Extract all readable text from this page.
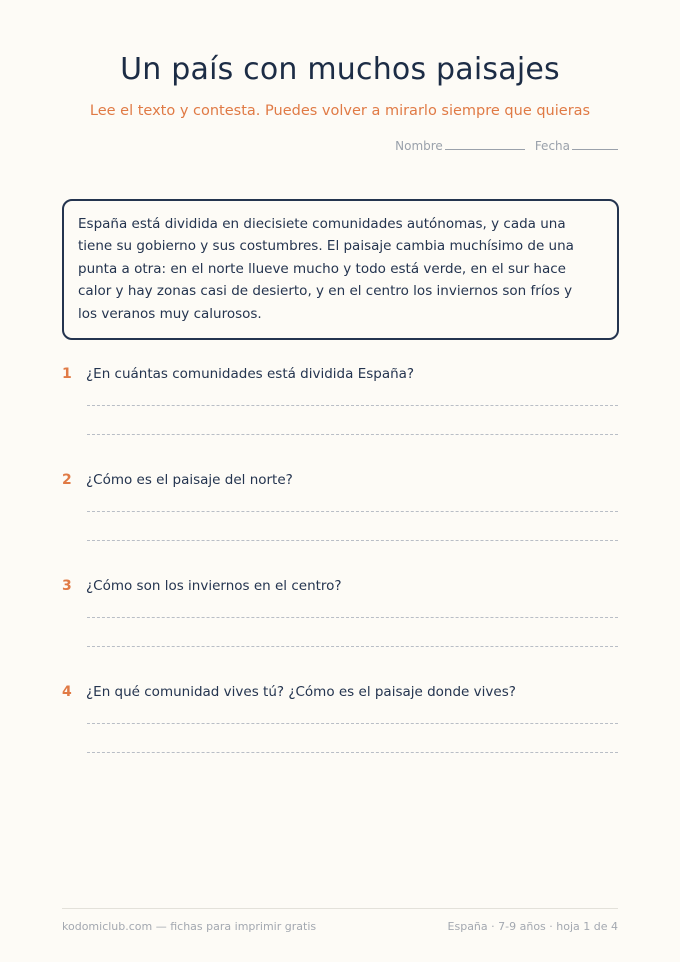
Un país con muchos paisajes
Lee el texto y contesta. Puedes volver a mirarlo siempre que quieras
Nombre	Fecha

España está dividida en diecisiete comunidades autónomas, y cada una

tiene su gobierno y sus costumbres. El paisaje cambia muchísimo de una

punta a otra: en el norte llueve mucho y todo está verde, en el sur hace

calor y hay zonas casi de desierto, y en el centro los inviernos son fríos y

los veranos muy calurosos.

1	¿En cuántas comunidades está dividida España?
2	¿Cómo es el paisaje del norte?
3	¿Cómo son los inviernos en el centro?
4	¿En qué comunidad vives tú? ¿Cómo es el paisaje donde vives?
kodomiclub.com — fichas para imprimir gratis	España · 7-9 años · hoja 1 de 4
